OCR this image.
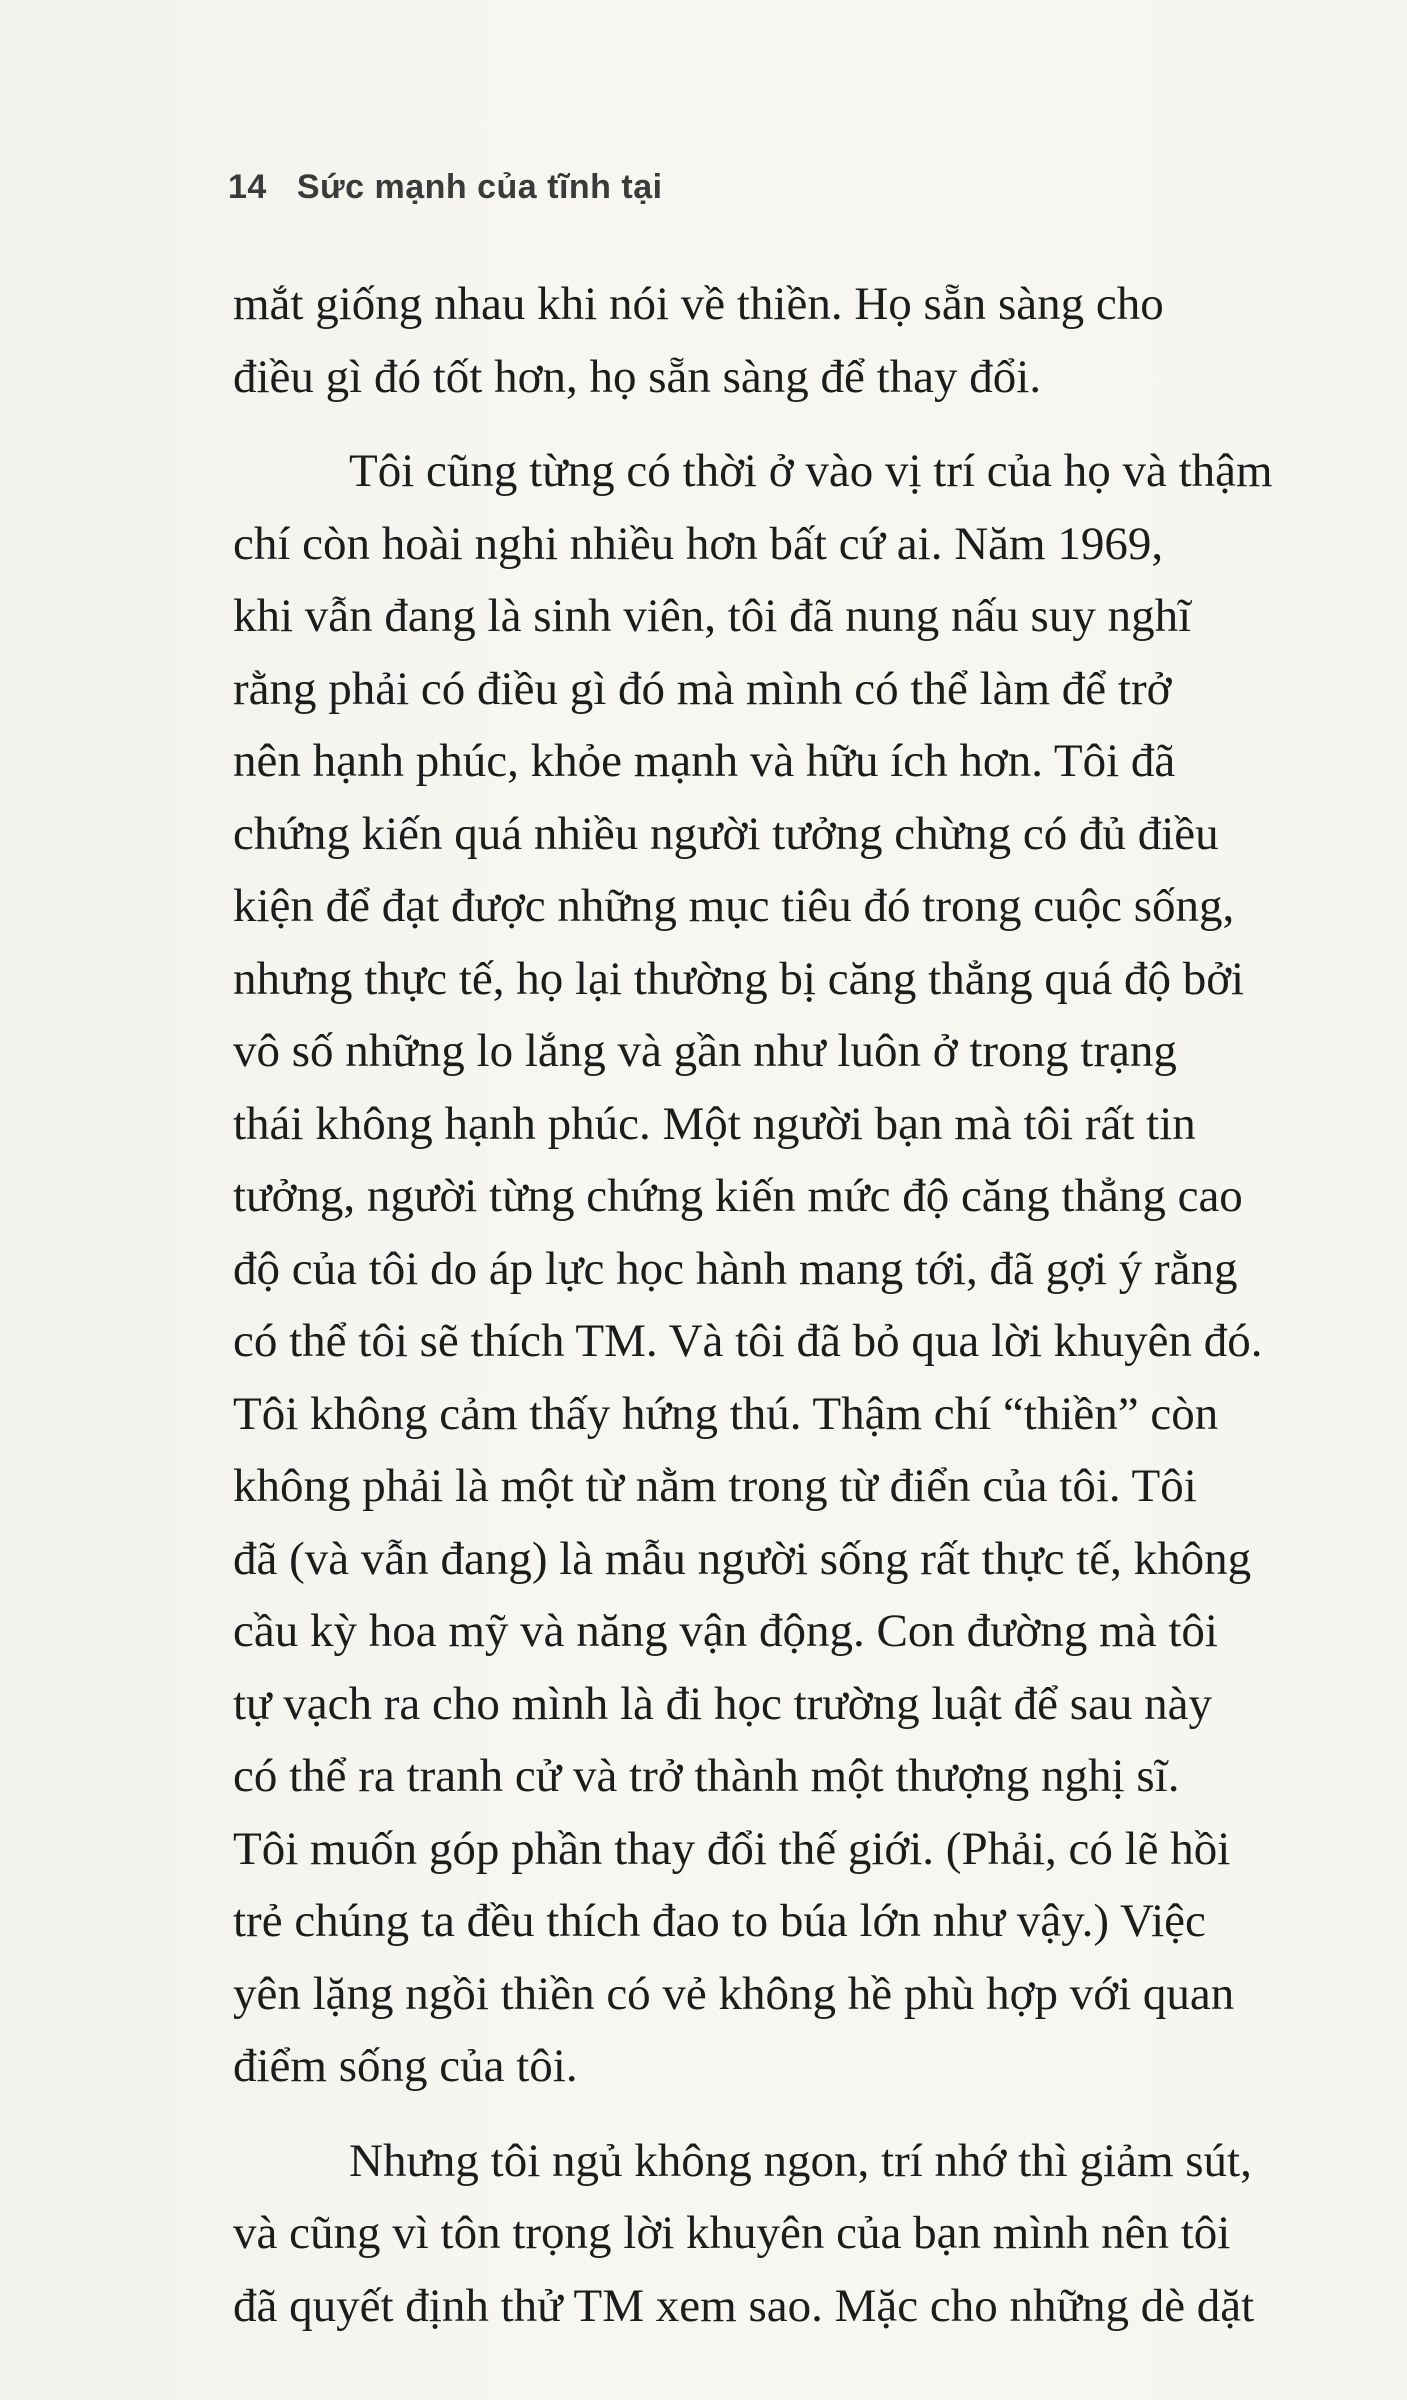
14 Sức mạnh của tĩnh tại
mắt giống nhau khi nói về thiền. Họ sẵn sàng cho
điều gì đó tốt hơn, họ sẵn sàng để thay đổi.
Tôi cũng từng có thời ở vào vị trí của họ và thậm
chí còn hoài nghi nhiều hơn bất cứ ai. Năm 1969,
khi vẫn đang là sinh viên, tôi đã nung nấu suy nghĩ
rằng phải có điều gì đó mà mình có thể làm để trở
nên hạnh phúc, khỏe mạnh và hữu ích hơn. Tôi đã
chứng kiến quá nhiều người tưởng chừng có đủ điều
kiện để đạt được những mục tiêu đó trong cuộc sống,
nhưng thực tế, họ lại thường bị căng thẳng quá độ bởi
vô số những lo lắng và gần như luôn ở trong trạng
thái không hạnh phúc. Một người bạn mà tôi rất tin
tưởng, người từng chứng kiến mức độ căng thẳng cao
độ của tôi do áp lực học hành mang tới, đã gợi ý rằng
có thể tôi sẽ thích TM. Và tôi đã bỏ qua lời khuyên đó.
Tôi không cảm thấy hứng thú. Thậm chí “thiền” còn
không phải là một từ nằm trong từ điển của tôi. Tôi
đã (và vẫn đang) là mẫu người sống rất thực tế, không
cầu kỳ hoa mỹ và năng vận động. Con đường mà tôi
tự vạch ra cho mình là đi học trường luật để sau này
có thể ra tranh cử và trở thành một thượng nghị sĩ.
Tôi muốn góp phần thay đổi thế giới. (Phải, có lẽ hồi
trẻ chúng ta đều thích đao to búa lớn như vậy.) Việc
yên lặng ngồi thiền có vẻ không hề phù hợp với quan
điểm sống của tôi.
Nhưng tôi ngủ không ngon, trí nhớ thì giảm sút,
và cũng vì tôn trọng lời khuyên của bạn mình nên tôi
đã quyết định thử TM xem sao. Mặc cho những dè dặt
